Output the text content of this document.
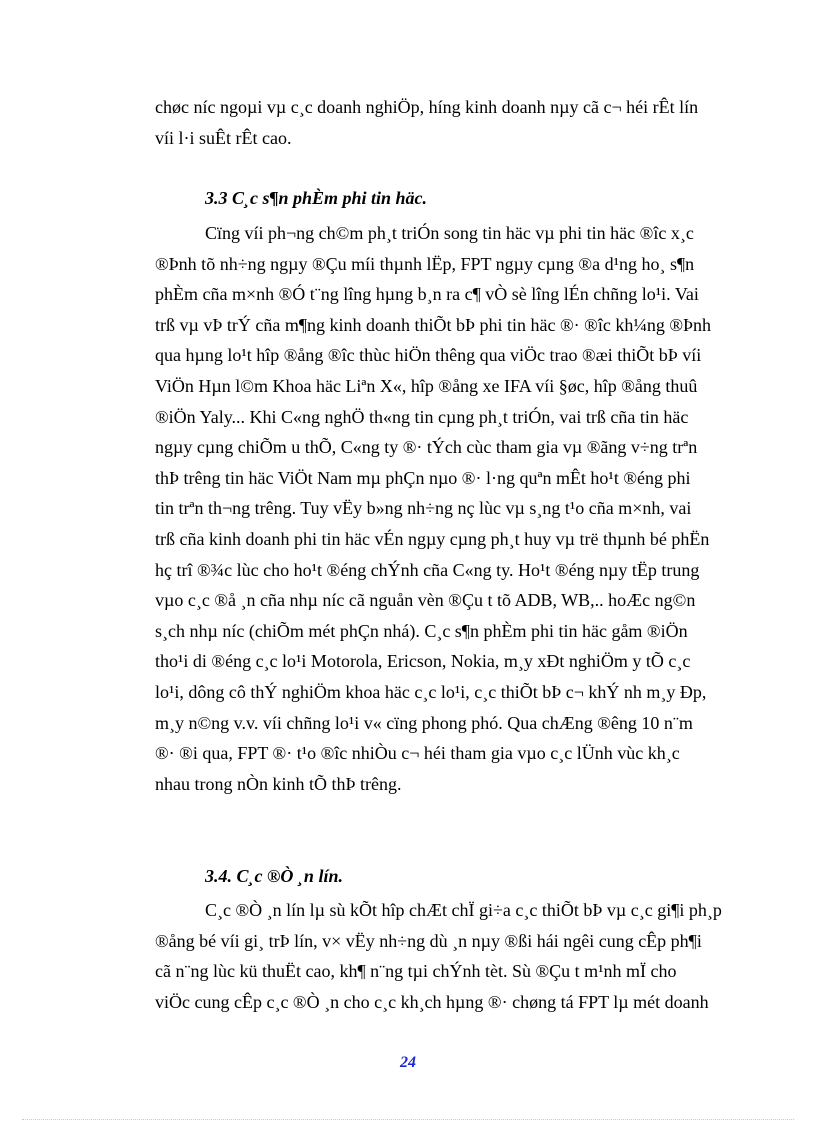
chøc níc ngoµi vµ c¸c doanh nghiÖp, híng kinh doanh nµy cã c¬ héi rÊt lín
víi l·i suÊt rÊt cao.

3.3 C¸c s¶n phÈm phi tin häc.

Cïng víi ph¬ng ch©m ph¸t triÓn song tin häc vµ phi tin häc ®îc x¸c
®Þnh tõ nh÷ng ngµy ®Çu míi thµnh lËp, FPT ngµy cµng ®a d¹ng ho¸ s¶n
phÈm cña m×nh ®Ó t¨ng lîng hµng b¸n ra c¶ vÒ sè lîng lÉn chñng lo¹i. Vai
trß vµ vÞ trÝ cña m¶ng kinh doanh thiÕt bÞ phi tin häc ®· ®îc kh¼ng ®Þnh
qua hµng lo¹t hîp ®ång ®îc thùc hiÖn thêng qua viÖc trao ®æi thiÕt bÞ víi
ViÖn Hµn l©m Khoa häc Liªn X«, hîp ®ång xe IFA víi §øc, hîp ®ång thuû
®iÖn Yaly... Khi C«ng nghÖ th«ng tin cµng ph¸t triÓn, vai trß cña tin häc
ngµy cµng chiÕm u thÕ, C«ng ty ®· tÝch cùc tham gia vµ ®ãng v÷ng trªn
thÞ trêng tin häc ViÖt Nam mµ phÇn nµo ®· l·ng quªn mÊt ho¹t ®éng phi
tin trªn th¬ng trêng. Tuy vËy b»ng nh÷ng nç lùc vµ s¸ng t¹o cña m×nh, vai
trß cña kinh doanh phi tin häc vÉn ngµy cµng ph¸t huy vµ trë thµnh bé phËn
hç trî ®¾c lùc cho ho¹t ®éng chÝnh cña C«ng ty. Ho¹t ®éng nµy tËp trung
vµo c¸c ®å ¸n cña nhµ níc cã nguån vèn ®Çu t tõ ADB, WB,.. hoÆc ng©n
s¸ch nhµ níc (chiÕm mét phÇn nhá). C¸c s¶n phÈm phi tin häc gåm ®iÖn
tho¹i di ®éng c¸c lo¹i Motorola, Ericson, Nokia, m¸y xÐt nghiÖm y tÕ c¸c
lo¹i, dông cô thÝ nghiÖm khoa häc c¸c lo¹i, c¸c thiÕt bÞ c¬ khÝ nh m¸y Ðp,
m¸y n©ng v.v. víi chñng lo¹i v« cïng phong phó. Qua chÆng ®êng 10 n¨m
®· ®i qua, FPT ®· t¹o ®îc nhiÒu c¬ héi tham gia vµo c¸c lÜnh vùc kh¸c
nhau trong nÒn kinh tÕ thÞ trêng.

3.4. C¸c ®Ò ¸n lín.

C¸c ®Ò ¸n lín lµ sù kÕt hîp chÆt chÏ gi÷a c¸c thiÕt bÞ vµ c¸c gi¶i ph¸p
®ång bé víi gi¸ trÞ lín, v× vËy nh÷ng dù ¸n nµy ®ßi hái ngêi cung cÊp ph¶i
cã n¨ng lùc kü thuËt cao, kh¶ n¨ng tµi chÝnh tèt. Sù ®Çu t m¹nh mÏ cho
viÖc cung cÊp c¸c ®Ò ¸n cho c¸c kh¸ch hµng ®· chøng tá FPT lµ mét doanh

24
